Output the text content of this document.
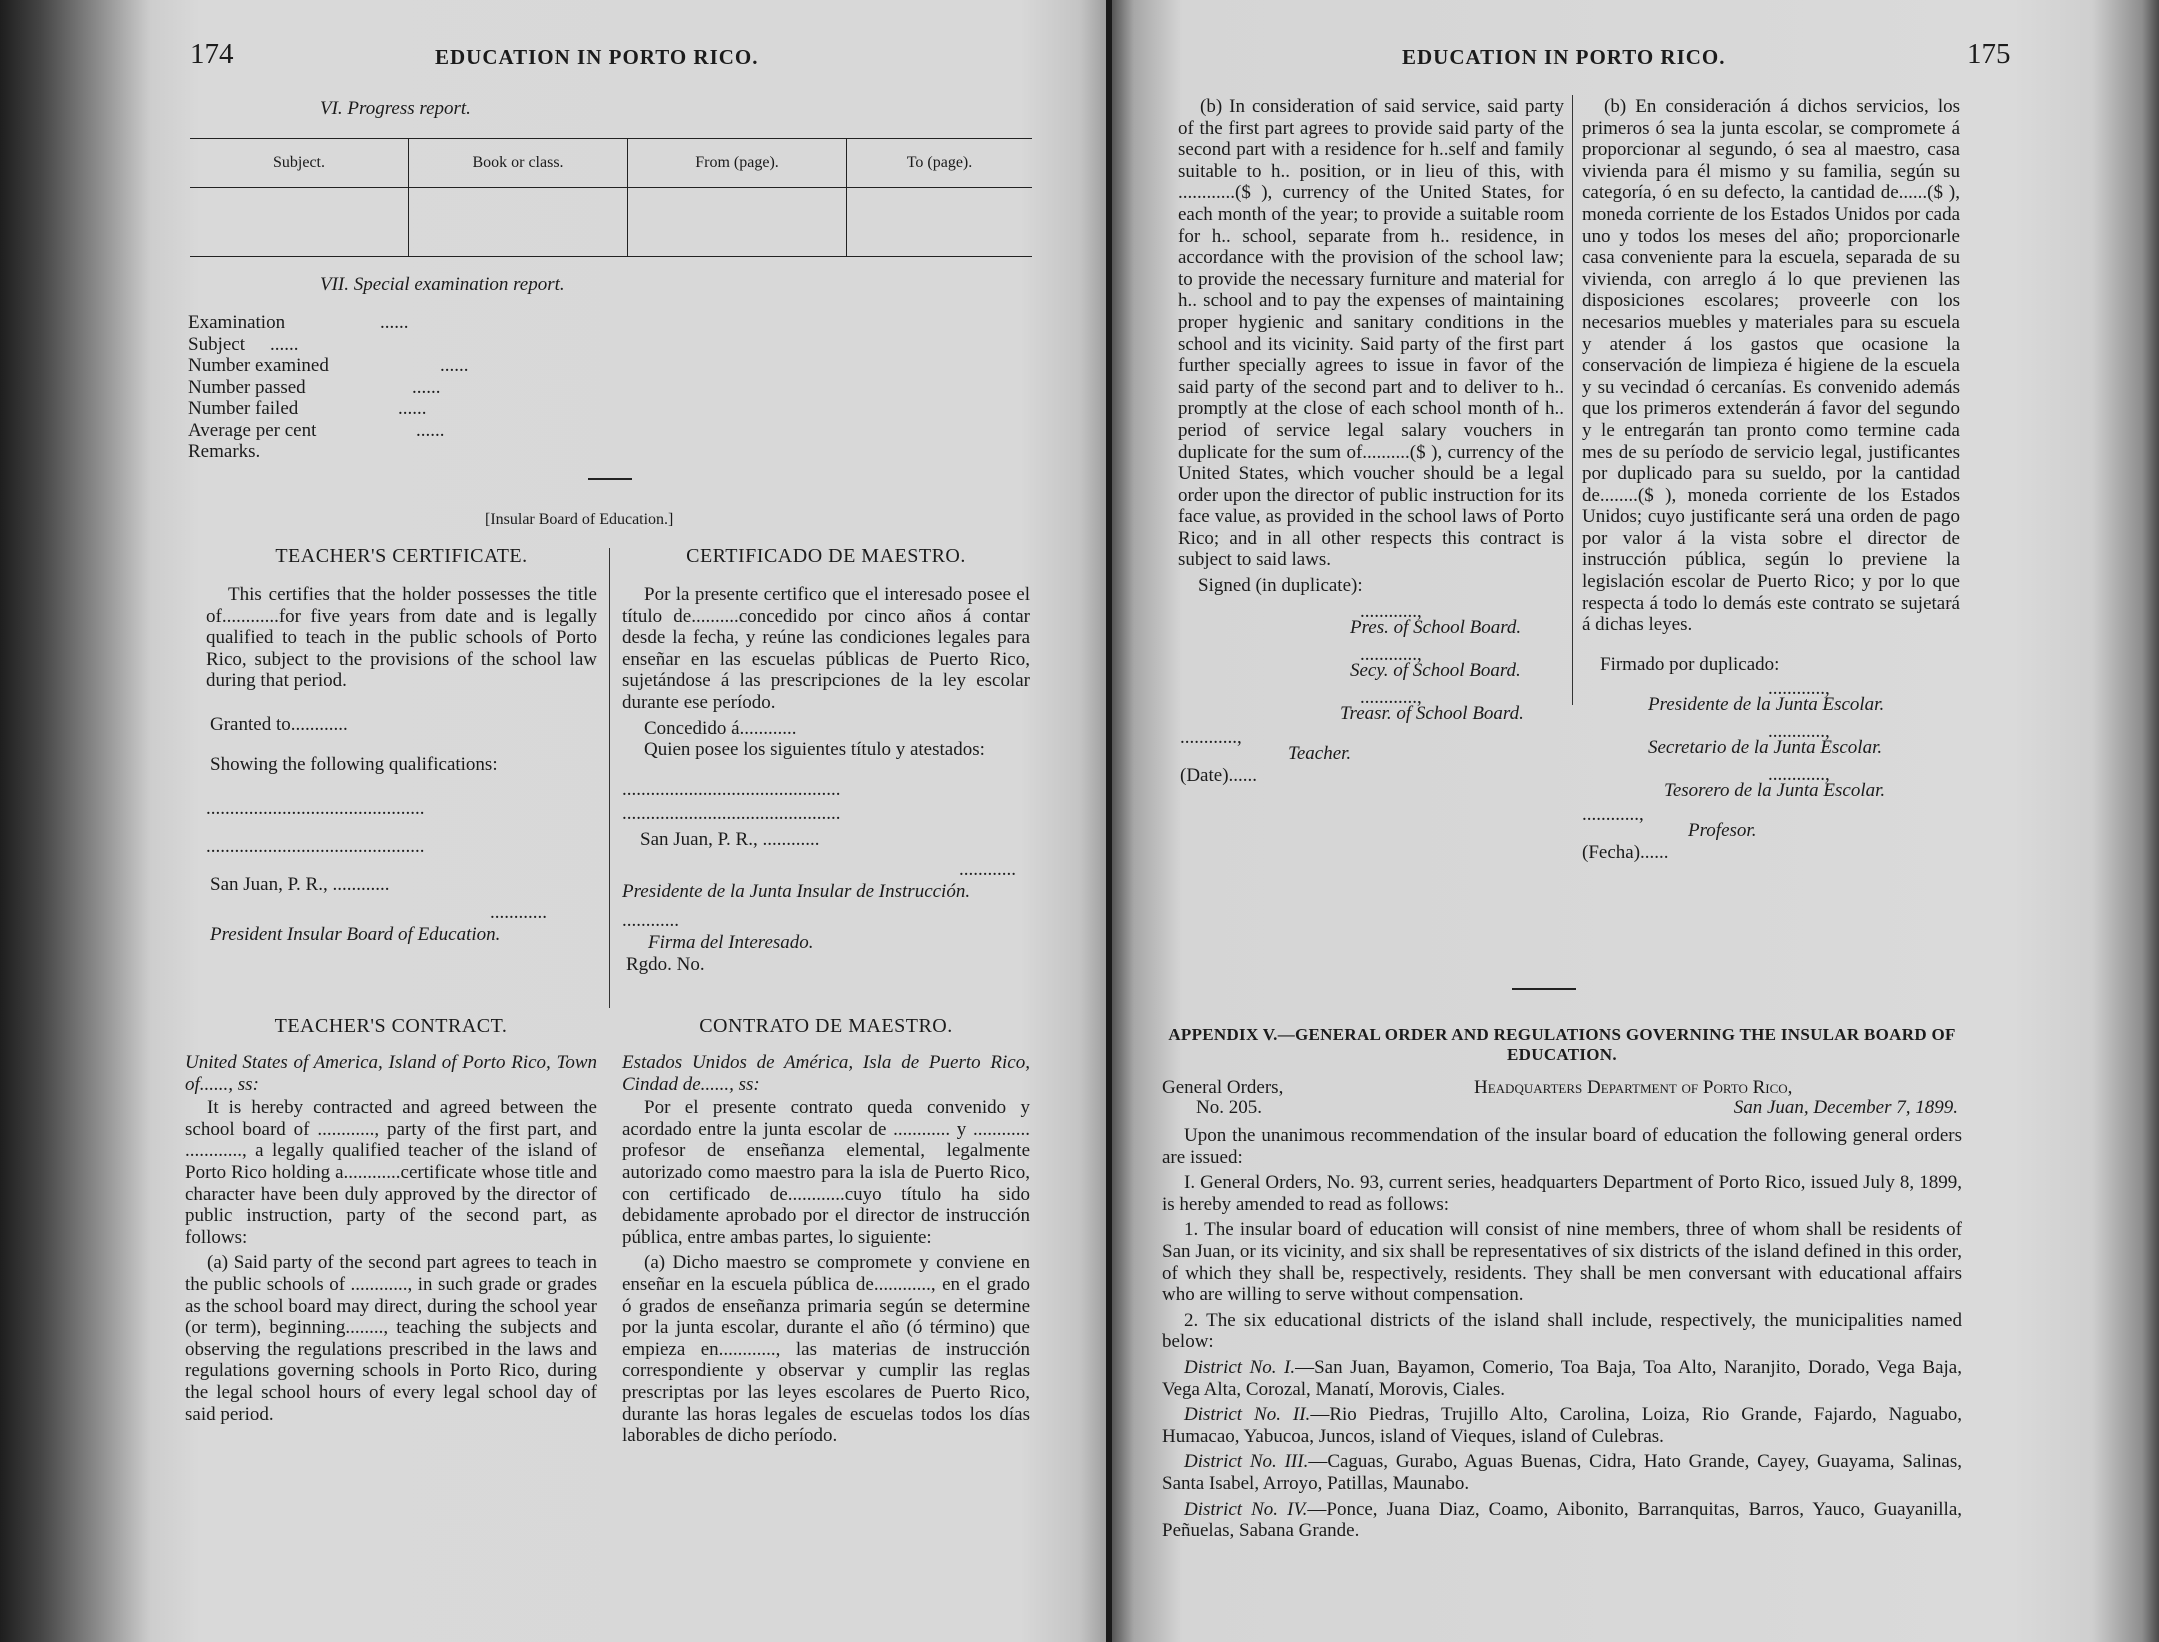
174	EDUCATION IN PORTO RICO.
VI. Progress report.
Subject.	Book or class.	From (page).	To (page).

VII. Special examination report.
Examination	......
Subject ......
Number examined	......
Number passed	......
Number failed	......
Average per cent	......
Remarks.
[Insular Board of Education.]
TEACHER'S CERTIFICATE.

This certifies that the holder possesses the title of............for five years from date and is legally qualified to teach in the public schools of Porto Rico, subject to the provisions of the school law during that period.

Granted to............
Showing the following qualifications:
..............................................
..............................................
San Juan, P. R., ............
............
President Insular Board of Education.
CERTIFICADO DE MAESTRO.

Por la presente certifico que el interesado posee el título de..........concedido por cinco años á contar desde la fecha, y reúne las condiciones legales para enseñar en las escuelas públicas de Puerto Rico, sujetándose á las prescripciones de la ley escolar durante ese período.

Concedido á............
Quien posee los siguientes título y atestados:
..............................................
..............................................
San Juan, P. R., ............
............
Presidente de la Junta Insular de Instrucción.
............
Firma del Interesado.
Rgdo. No.
TEACHER'S CONTRACT.
United States of America, Island of Porto Rico, Town of......, ss:

It is hereby contracted and agreed between the school board of ............, party of the first part, and ............, a legally qualified teacher of the island of Porto Rico holding a............certificate whose title and character have been duly approved by the director of public instruction, party of the second part, as follows:

(a) Said party of the second part agrees to teach in the public schools of ............, in such grade or grades as the school board may direct, during the school year (or term), beginning........, teaching the subjects and observing the regulations prescribed in the laws and regulations governing schools in Porto Rico, during the legal school hours of every legal school day of said period.

CONTRATO DE MAESTRO.
Estados Unidos de América, Isla de Puerto Rico, Cindad de......, ss:

Por el presente contrato queda convenido y acordado entre la junta escolar de ............ y ............ profesor de enseñanza elemental, legalmente autorizado como maestro para la isla de Puerto Rico, con certificado de............cuyo título ha sido debidamente aprobado por el director de instrucción pública, entre ambas partes, lo siguiente:

(a) Dicho maestro se compromete y conviene en enseñar en la escuela pública de............, en el grado ó grados de enseñanza primaria según se determine por la junta escolar, durante el año (ó término) que empieza en............, las materias de instrucción correspondiente y observar y cumplir las reglas prescriptas por las leyes escolares de Puerto Rico, durante las horas legales de escuelas todos los días laborables de dicho período.

EDUCATION IN PORTO RICO.	175

(b) In consideration of said service, said party of the first part agrees to provide said party of the second part with a residence for h..self and family suitable to h.. position, or in lieu of this, with ............($ ), currency of the United States, for each month of the year; to provide a suitable room for h.. school, separate from h.. residence, in accordance with the provision of the school law; to provide the necessary furniture and material for h.. school and to pay the expenses of maintaining proper hygienic and sanitary conditions in the school and its vicinity. Said party of the first part further specially agrees to issue in favor of the said party of the second part and to deliver to h.. promptly at the close of each school month of h.. period of service legal salary vouchers in duplicate for the sum of..........($ ), currency of the United States, which voucher should be a legal order upon the director of public instruction for its face value, as provided in the school laws of Porto Rico; and in all other respects this contract is subject to said laws.

Signed (in duplicate):
............,
Pres. of School Board.
............,
Secy. of School Board.
............,
Treasr. of School Board.
............,
Teacher.
(Date)......

(b) En consideración á dichos servicios, los primeros ó sea la junta escolar, se compromete á proporcionar al segundo, ó sea al maestro, casa vivienda para él mismo y su familia, según su categoría, ó en su defecto, la cantidad de......($ ), moneda corriente de los Estados Unidos por cada uno y todos los meses del año; proporcionarle casa conveniente para la escuela, separada de su vivienda, con arreglo á lo que previenen las disposiciones escolares; proveerle con los necesarios muebles y materiales para su escuela y atender á los gastos que ocasione la conservación de limpieza é higiene de la escuela y su vecindad ó cercanías. Es convenido además que los primeros extenderán á favor del segundo y le entregarán tan pronto como termine cada mes de su período de servicio legal, justificantes por duplicado para su sueldo, por la cantidad de........($ ), moneda corriente de los Estados Unidos; cuyo justificante será una orden de pago por valor á la vista sobre el director de instrucción pública, según lo previene la legislación escolar de Puerto Rico; y por lo que respecta á todo lo demás este contrato se sujetará á dichas leyes.

Firmado por duplicado:
............,
Presidente de la Junta Escolar.
............,
Secretario de la Junta Escolar.
............,
Tesorero de la Junta Escolar.
............,
Profesor.
(Fecha)......
APPENDIX V.—GENERAL ORDER AND REGULATIONS GOVERNING THE INSULAR BOARD OF EDUCATION.
General Orders,
No. 205.
Headquarters Department of Porto Rico,
San Juan, December 7, 1899.

Upon the unanimous recommendation of the insular board of education the following general orders are issued:

I. General Orders, No. 93, current series, headquarters Department of Porto Rico, issued July 8, 1899, is hereby amended to read as follows:

1. The insular board of education will consist of nine members, three of whom shall be residents of San Juan, or its vicinity, and six shall be representatives of six districts of the island defined in this order, of which they shall be, respectively, residents. They shall be men conversant with educational affairs who are willing to serve without compensation.

2. The six educational districts of the island shall include, respectively, the municipalities named below:

District No. I.—San Juan, Bayamon, Comerio, Toa Baja, Toa Alto, Naranjito, Dorado, Vega Baja, Vega Alta, Corozal, Manatí, Morovis, Ciales.

District No. II.—Rio Piedras, Trujillo Alto, Carolina, Loiza, Rio Grande, Fajardo, Naguabo, Humacao, Yabucoa, Juncos, island of Vieques, island of Culebras.

District No. III.—Caguas, Gurabo, Aguas Buenas, Cidra, Hato Grande, Cayey, Guayama, Salinas, Santa Isabel, Arroyo, Patillas, Maunabo.

District No. IV.—Ponce, Juana Diaz, Coamo, Aibonito, Barranquitas, Barros, Yauco, Guayanilla, Peñuelas, Sabana Grande.
